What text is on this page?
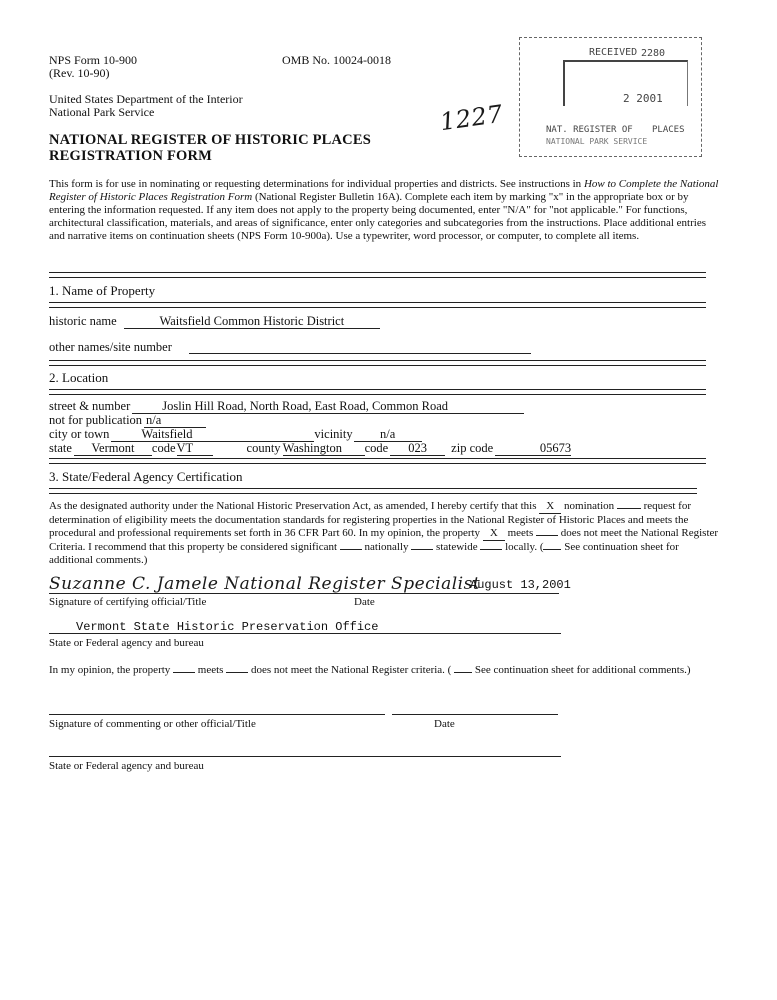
NPS Form 10-900
(Rev. 10-90)
OMB No. 10024-0018
United States Department of the Interior
National Park Service
NATIONAL REGISTER OF HISTORIC PLACES
REGISTRATION FORM
1227
RECEIVED 2280
2 2001
NAT. REGISTER OF PLACES
NATIONAL PARK SERVICE
This form is for use in nominating or requesting determinations for individual properties and districts. See instructions in How to Complete the National Register of Historic Places Registration Form (National Register Bulletin 16A). Complete each item by marking "x" in the appropriate box or by entering the information requested. If any item does not apply to the property being documented, enter "N/A" for "not applicable." For functions, architectural classification, materials, and areas of significance, enter only categories and subcategories from the instructions. Place additional entries and narrative items on continuation sheets (NPS Form 10-900a). Use a typewriter, word processor, or computer, to complete all items.
1. Name of Property
historic name	Waitsfield Common Historic District
other names/site number
2. Location
street & number	Joslin Hill Road, North Road, East Road, Common Road
not for publication n/a
city or town	Waitsfield	vicinity n/a
state Vermont codeVT	county Washington code 023 zip code	05673
3. State/Federal Agency Certification
As the designated authority under the National Historic Preservation Act, as amended, I hereby certify that this X nomination	request for determination of eligibility meets the documentation standards for registering properties in the National Register of Historic Places and meets the procedural and professional requirements set forth in 36 CFR Part 60. In my opinion, the property X meets	does not meet the National Register Criteria. I recommend that this property be considered significant	nationally	statewide	locally. ( See continuation sheet for additional comments.)
Suzanne C. Jamele National Register Specialist
August 13,2001
Signature of certifying official/Title	Date
Vermont State Historic Preservation Office
State or Federal agency and bureau
In my opinion, the property	meets	does not meet the National Register criteria. ( See continuation sheet for additional comments.)
Signature of commenting or other official/Title	Date
State or Federal agency and bureau
